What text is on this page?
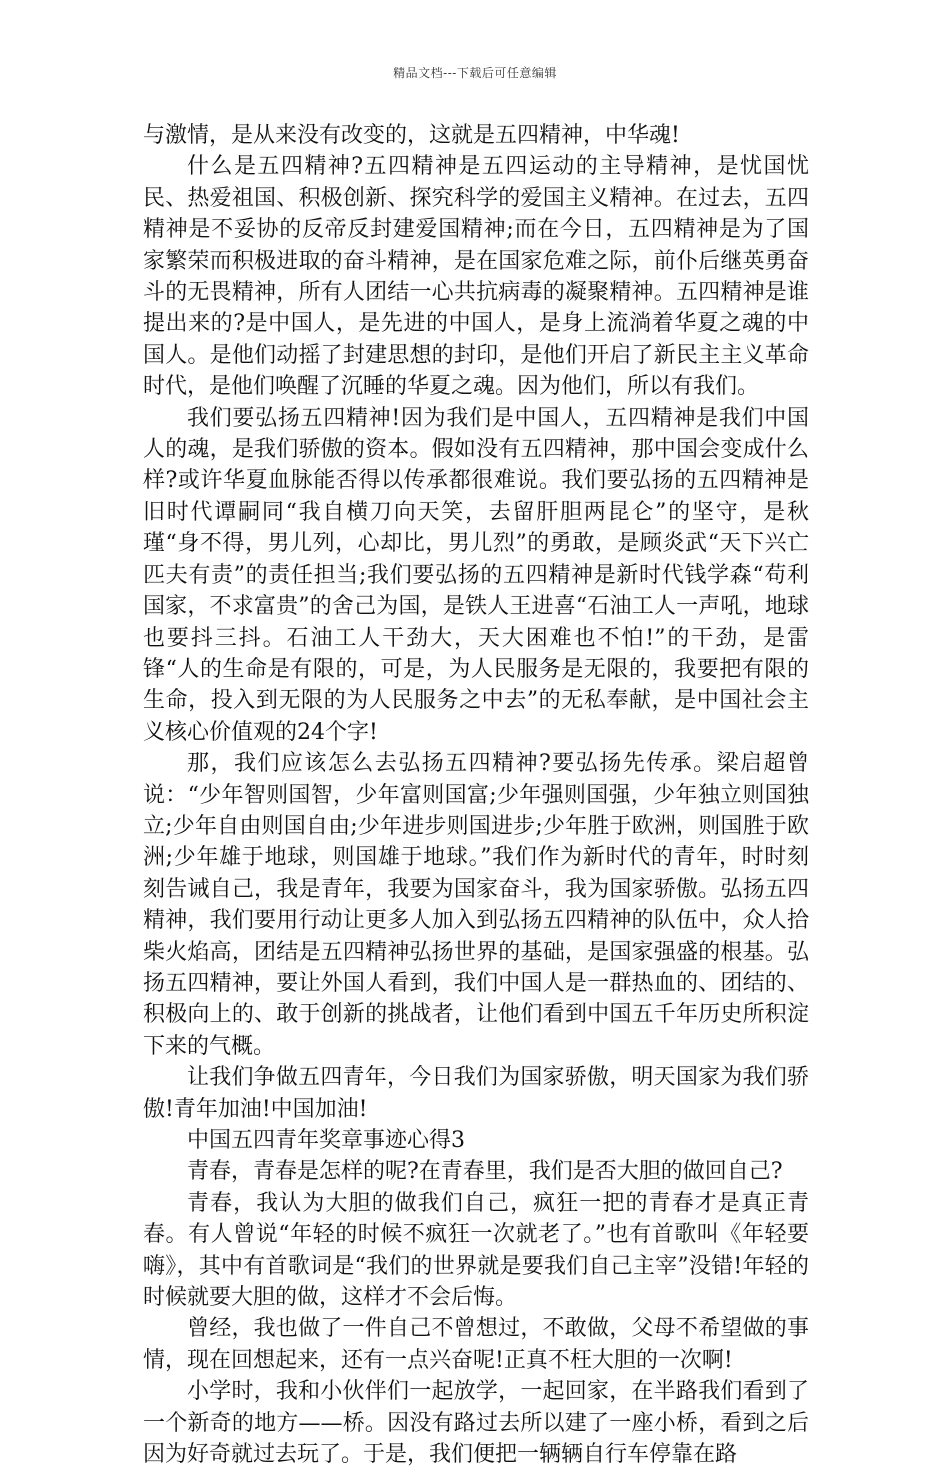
精品文档---下载后可任意编辑

与激情，是从来没有改变的，这就是五四精神，中华魂!

什么是五四精神?五四精神是五四运动的主导精神，是忧国忧民、热爱祖国、积极创新、探究科学的爱国主义精神。在过去，五四精神是不妥协的反帝反封建爱国精神;而在今日，五四精神是为了国家繁荣而积极进取的奋斗精神，是在国家危难之际，前仆后继英勇奋斗的无畏精神，所有人团结一心共抗病毒的凝聚精神。五四精神是谁提出来的?是中国人，是先进的中国人，是身上流淌着华夏之魂的中国人。是他们动摇了封建思想的封印，是他们开启了新民主主义革命时代，是他们唤醒了沉睡的华夏之魂。因为他们，所以有我们。

我们要弘扬五四精神!因为我们是中国人，五四精神是我们中国人的魂，是我们骄傲的资本。假如没有五四精神，那中国会变成什么样?或许华夏血脉能否得以传承都很难说。我们要弘扬的五四精神是旧时代谭嗣同“我自横刀向天笑，去留肝胆两昆仑”的坚守，是秋瑾“身不得，男儿列，心却比，男儿烈”的勇敢，是顾炎武“天下兴亡匹夫有责”的责任担当;我们要弘扬的五四精神是新时代钱学森“苟利国家，不求富贵”的舍己为国，是铁人王进喜“石油工人一声吼，地球也要抖三抖。石油工人干劲大，天大困难也不怕!”的干劲，是雷锋“人的生命是有限的，可是，为人民服务是无限的，我要把有限的生命，投入到无限的为人民服务之中去”的无私奉献，是中国社会主义核心价值观的24个字!

那，我们应该怎么去弘扬五四精神?要弘扬先传承。梁启超曾说：“少年智则国智，少年富则国富;少年强则国强，少年独立则国独立;少年自由则国自由;少年进步则国进步;少年胜于欧洲，则国胜于欧洲;少年雄于地球，则国雄于地球。”我们作为新时代的青年，时时刻刻告诫自己，我是青年，我要为国家奋斗，我为国家骄傲。弘扬五四精神，我们要用行动让更多人加入到弘扬五四精神的队伍中，众人拾柴火焰高，团结是五四精神弘扬世界的基础，是国家强盛的根基。弘扬五四精神，要让外国人看到，我们中国人是一群热血的、团结的、积极向上的、敢于创新的挑战者，让他们看到中国五千年历史所积淀下来的气概。

让我们争做五四青年，今日我们为国家骄傲，明天国家为我们骄傲!青年加油!中国加油!

中国五四青年奖章事迹心得3

青春，青春是怎样的呢?在青春里，我们是否大胆的做回自己?

青春，我认为大胆的做我们自己，疯狂一把的青春才是真正青春。有人曾说“年轻的时候不疯狂一次就老了。”也有首歌叫《年轻要嗨》，其中有首歌词是“我们的世界就是要我们自己主宰”没错!年轻的时候就要大胆的做，这样才不会后悔。

曾经，我也做了一件自己不曾想过，不敢做，父母不希望做的事情，现在回想起来，还有一点兴奋呢!正真不枉大胆的一次啊!

小学时，我和小伙伴们一起放学，一起回家，在半路我们看到了一个新奇的地方——桥。因没有路过去所以建了一座小桥，看到之后因为好奇就过去玩了。于是，我们便把一辆辆自行车停靠在路
